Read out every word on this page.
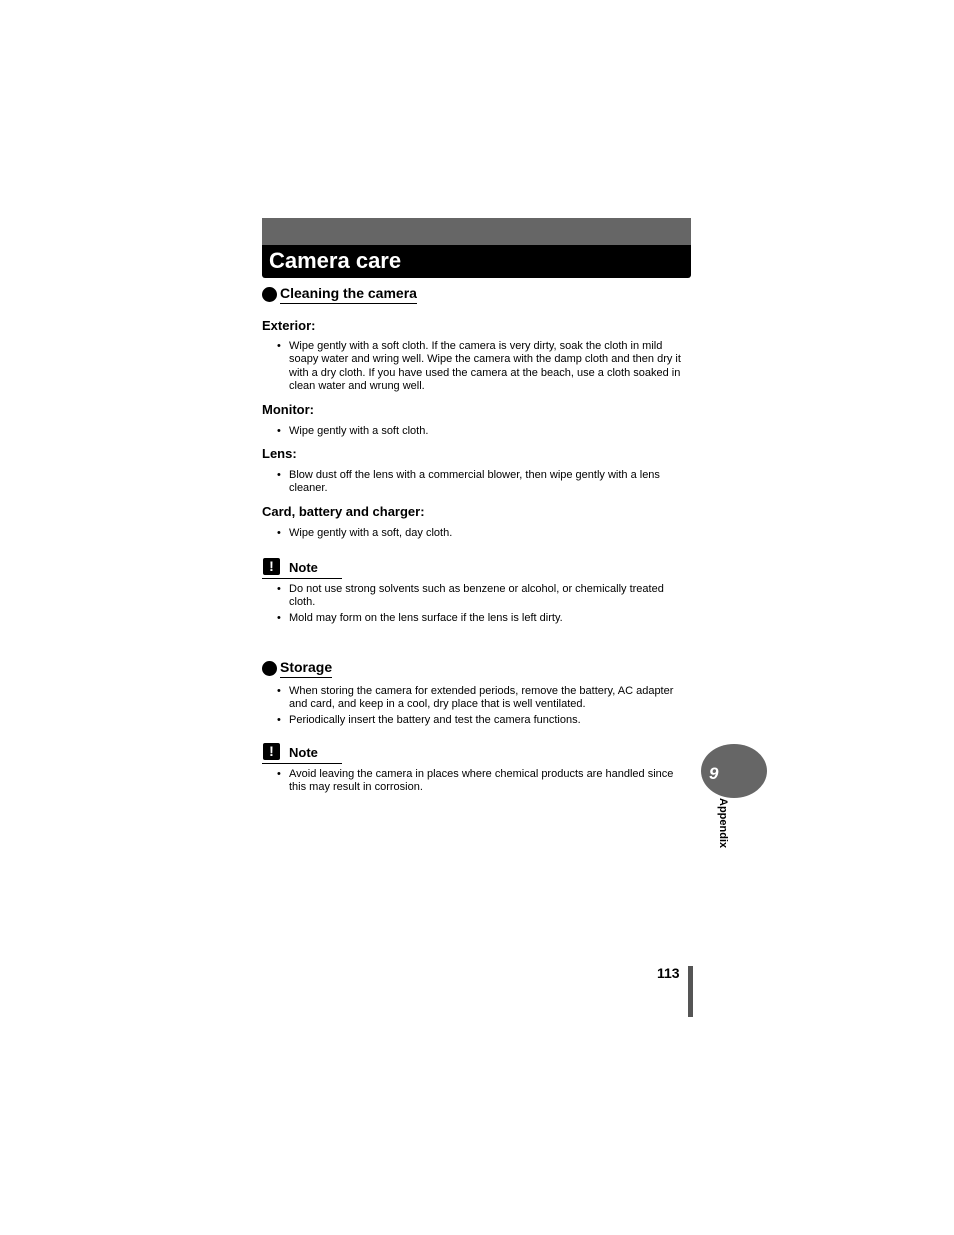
Camera care
Cleaning the camera
Exterior:
• Wipe gently with a soft cloth. If the camera is very dirty, soak the cloth in mild soapy water and wring well. Wipe the camera with the damp cloth and then dry it with a dry cloth. If you have used the camera at the beach, use a cloth soaked in clean water and wrung well.
Monitor:
• Wipe gently with a soft cloth.
Lens:
• Blow dust off the lens with a commercial blower, then wipe gently with a lens cleaner.
Card, battery and charger:
• Wipe gently with a soft, day cloth.
!	Note
• Do not use strong solvents such as benzene or alcohol, or chemically treated cloth.
• Mold may form on the lens surface if the lens is left dirty.
Storage
• When storing the camera for extended periods, remove the battery, AC adapter and card, and keep in a cool, dry place that is well ventilated.
• Periodically insert the battery and test the camera functions.
!	Note
• Avoid leaving the camera in places where chemical products are handled since this may result in corrosion.
9
Appendix
113
